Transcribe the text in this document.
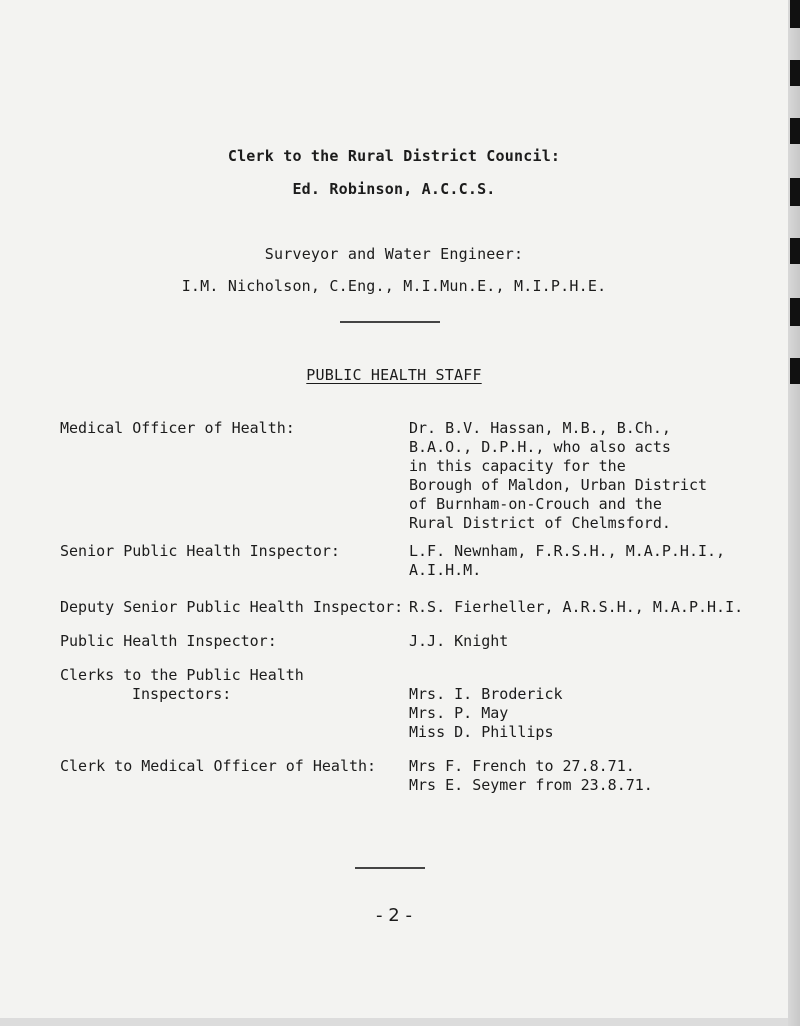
Clerk to the Rural District Council:
Ed. Robinson, A.C.C.S.
Surveyor and Water Engineer:
I.M. Nicholson, C.Eng., M.I.Mun.E., M.I.P.H.E.
PUBLIC HEALTH STAFF
Medical Officer of Health:	Dr. B.V. Hassan, M.B., B.Ch.,
B.A.O., D.P.H., who also acts
in this capacity for the
Borough of Maldon, Urban District
of Burnham-on-Crouch and the
Rural District of Chelmsford.
Senior Public Health Inspector:	L.F. Newnham, F.R.S.H., M.A.P.H.I.,
A.I.H.M.
Deputy Senior Public Health Inspector: R.S. Fierheller, A.R.S.H., M.A.P.H.I.
Public Health Inspector:	J.J. Knight
Clerks to the Public Health
Inspectors:	Mrs. I. Broderick
Mrs. P. May
Miss D. Phillips
Clerk to Medical Officer of Health: Mrs F. French to 27.8.71.
Mrs E. Seymer from 23.8.71.
- 2 -
